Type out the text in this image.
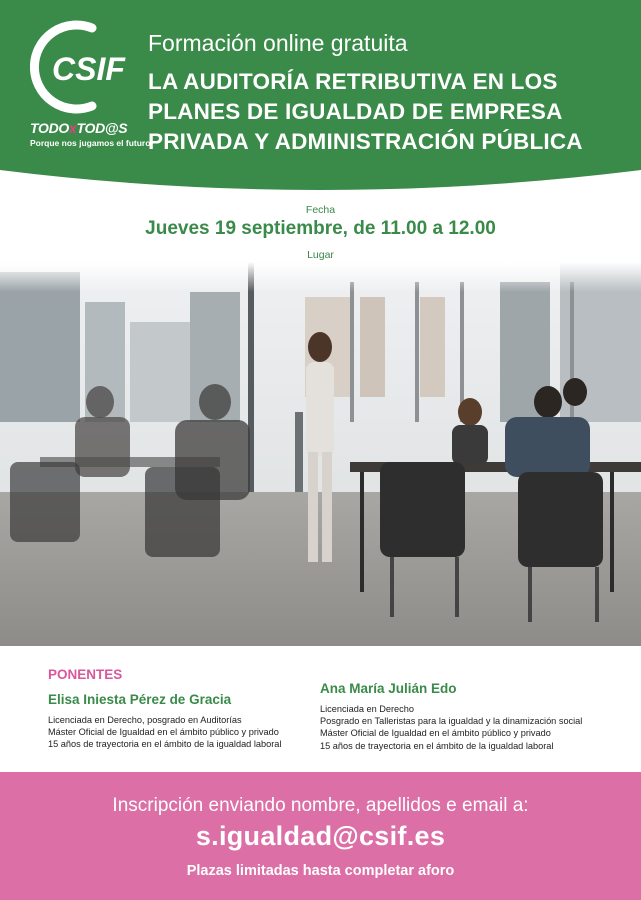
CSIF
TODOxTOD@S
Porque nos jugamos el futuro
Formación online gratuita
LA AUDITORÍA RETRIBUTIVA EN LOS
PLANES DE IGUALDAD DE EMPRESA
PRIVADA Y ADMINISTRACIÓN PÚBLICA
Fecha
Jueves 19 septiembre, de 11.00 a 12.00
Lugar
PONENTES
Elisa Iniesta Pérez de Gracia
Licenciada en Derecho, posgrado en Auditorías
Máster Oficial de Igualdad en el ámbito público y privado
15 años de trayectoria en el ámbito de la igualdad laboral
Ana María Julián Edo
Licenciada en Derecho
Posgrado en Talleristas para la igualdad y la dinamización social
Máster Oficial de Igualdad en el ámbito público y privado
15 años de trayectoria en el ámbito de la igualdad laboral
Inscripción enviando nombre, apellidos e email a:
s.igualdad@csif.es
Plazas limitadas hasta completar aforo
